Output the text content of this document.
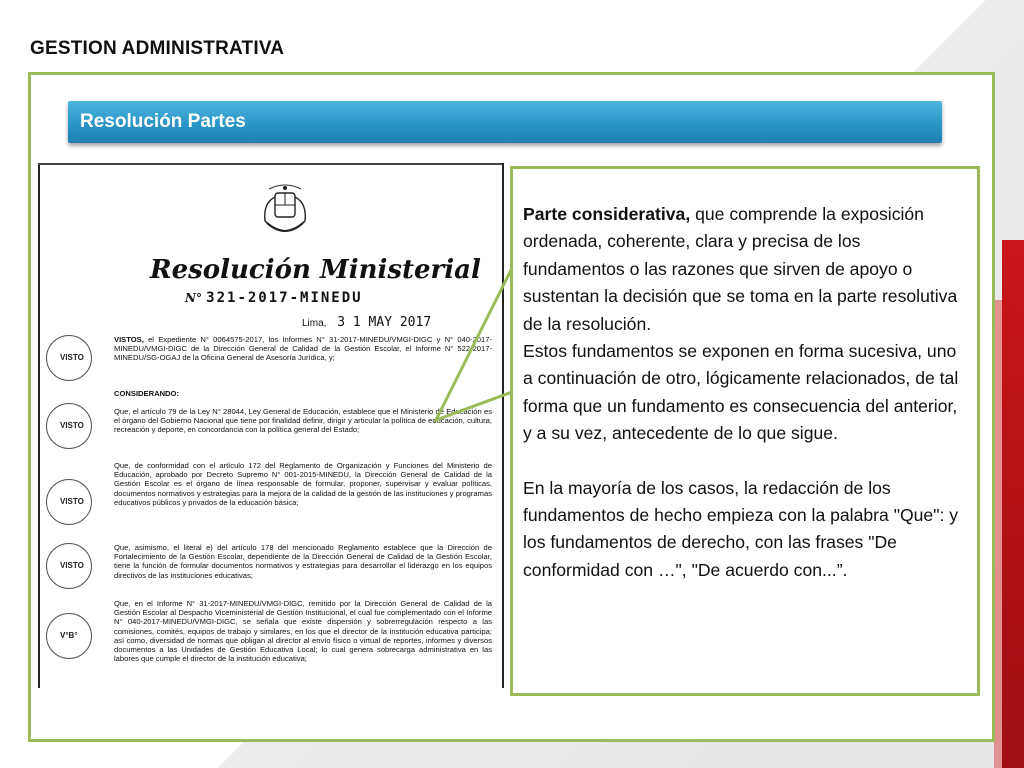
GESTION ADMINISTRATIVA
Resolución Partes
Resolución Ministerial
N° 321-2017-MINEDU
Lima, 3 1 MAY 2017
VISTOS, el Expediente N° 0064575-2017, los Informes N° 31-2017-MINEDU/VMGI-DIGC y N° 040-2017-MINEDU/VMGI-DIGC de la Dirección General de Calidad de la Gestión Escolar, el Informe N° 522-2017-MINEDU/SG-OGAJ de la Oficina General de Asesoría Jurídica, y;
CONSIDERANDO:
Que, el artículo 79 de la Ley N° 28044, Ley General de Educación, establece que el Ministerio de Educación es el órgano del Gobierno Nacional que tiene por finalidad definir, dirigir y articular la política de educación, cultura, recreación y deporte, en concordancia con la política general del Estado;
Que, de conformidad con el artículo 172 del Reglamento de Organización y Funciones del Ministerio de Educación, aprobado por Decreto Supremo N° 001-2015-MINEDU, la Dirección General de Calidad de la Gestión Escolar es el órgano de línea responsable de formular, proponer, supervisar y evaluar políticas, documentos normativos y estrategias para la mejora de la calidad de la gestión de las instituciones y programas educativos públicos y privados de la educación básica;
Que, asimismo, el literal e) del artículo 178 del mencionado Reglamento establece que la Dirección de Fortalecimiento de la Gestión Escolar, dependiente de la Dirección General de Calidad de la Gestión Escolar, tiene la función de formular documentos normativos y estrategias para desarrollar el liderazgo en los equipos directivos de las instituciones educativas;
Que, en el Informe N° 31-2017-MINEDU/VMGI-DIGC, remitido por la Dirección General de Calidad de la Gestión Escolar al Despacho Viceministerial de Gestión Institucional, el cual fue complementado con el Informe N° 040-2017-MINEDU/VMGI-DIGC, se señala que existe dispersión y sobrerregulación respecto a las comisiones, comités, equipos de trabajo y similares, en los que el director de la institución educativa participa; así como, diversidad de normas que obligan al director al envío físico o virtual de reportes, informes y diversos documentos a las Unidades de Gestión Educativa Local; lo cual genera sobrecarga administrativa en las labores que cumple el director de la institución educativa;
VISTO
VISTO
VISTO
VISTO
V°B°

Parte considerativa, que comprende la exposición ordenada, coherente, clara y precisa de los fundamentos o las razones que sirven de apoyo o sustentan la decisión que se toma en la parte resolutiva de la resolución.

Estos fundamentos se exponen en forma sucesiva, uno a continuación de otro, lógicamente relacionados, de tal forma que un fundamento es consecuencia del anterior, y a su vez, antecedente de lo que sigue.

En la mayoría de los casos, la redacción de los fundamentos de hecho empieza con la palabra "Que": y los fundamentos de derecho, con las frases "De conformidad con …", "De acuerdo con...”.
